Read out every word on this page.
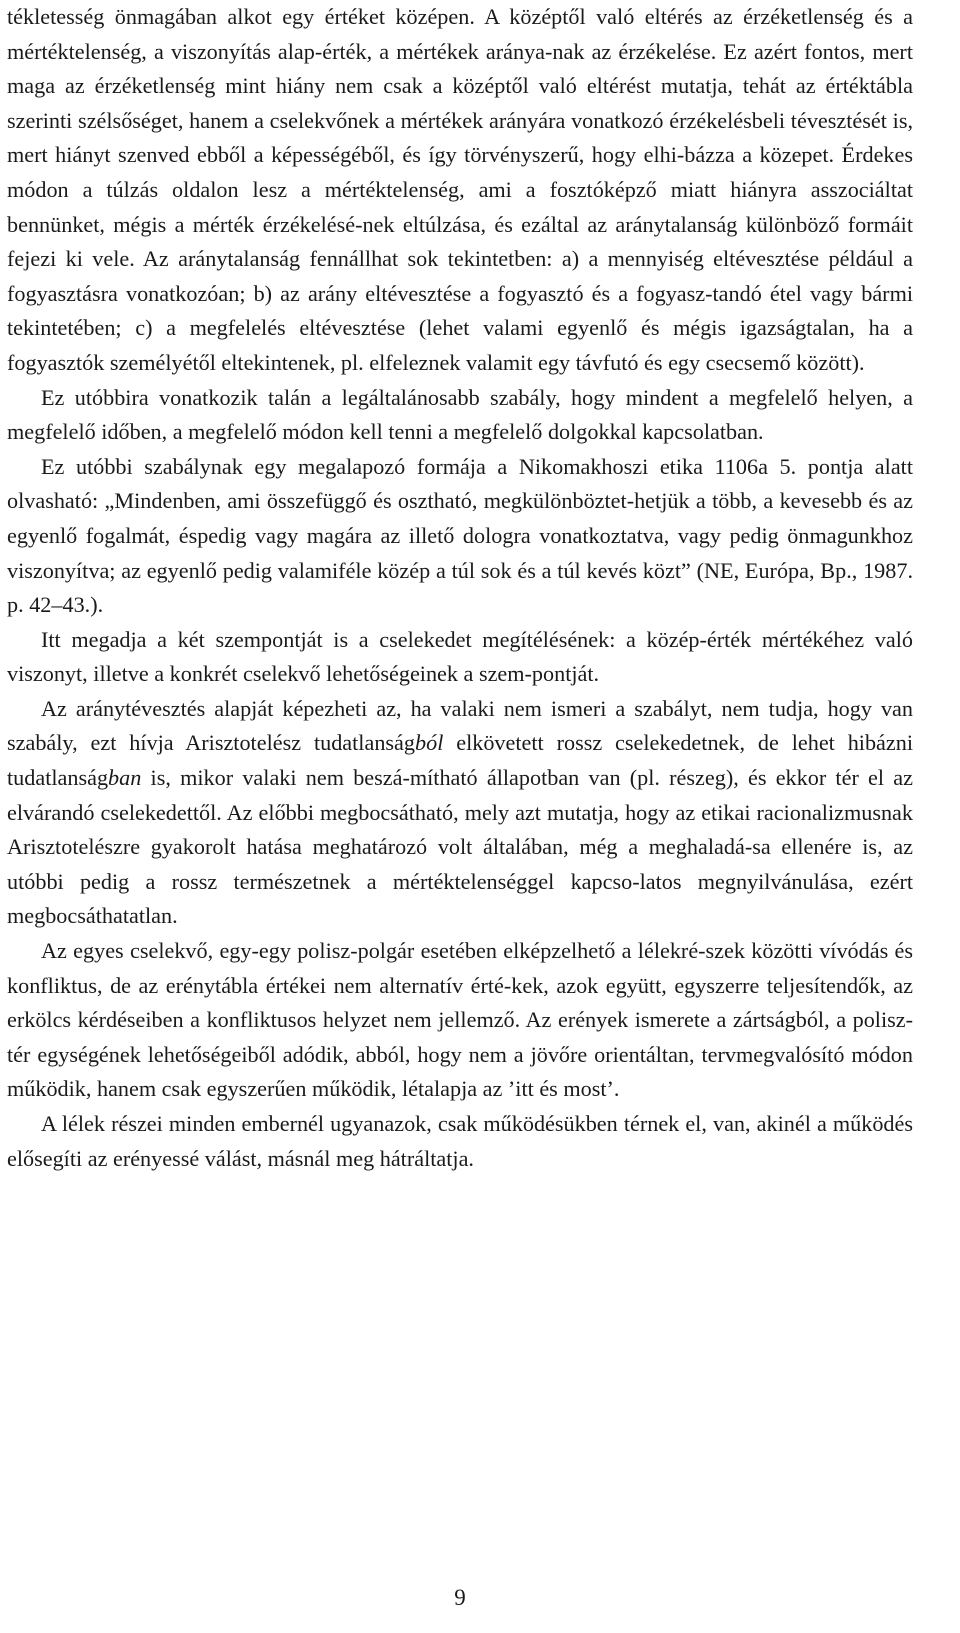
tékletesség önmagában alkot egy értéket középen. A középtől való eltérés az érzéketlenség és a mértéktelenség, a viszonyítás alap-érték, a mértékek aránya-nak az érzékelése. Ez azért fontos, mert maga az érzéketlenség mint hiány nem csak a középtől való eltérést mutatja, tehát az értéktábla szerinti szélsőséget, hanem a cselekvőnek a mértékek arányára vonatkozó érzékelésbeli tévesztését is, mert hiányt szenved ebből a képességéből, és így törvényszerű, hogy elhi-bázza a közepet. Érdekes módon a túlzás oldalon lesz a mértéktelenség, ami a fosztóképző miatt hiányra asszociáltat bennünket, mégis a mérték érzékelésé-nek eltúlzása, és ezáltal az aránytalanság különböző formáit fejezi ki vele. Az aránytalanság fennállhat sok tekintetben: a) a mennyiség eltévesztése például a fogyasztásra vonatkozóan; b) az arány eltévesztése a fogyasztó és a fogyasz-tandó étel vagy bármi tekintetében; c) a megfelelés eltévesztése (lehet valami egyenlő és mégis igazságtalan, ha a fogyasztók személyétől eltekintenek, pl. elfeleznek valamit egy távfutó és egy csecsemő között).

Ez utóbbira vonatkozik talán a legáltalánosabb szabály, hogy mindent a megfelelő helyen, a megfelelő időben, a megfelelő módon kell tenni a megfelelő dolgokkal kapcsolatban.

Ez utóbbi szabálynak egy megalapozó formája a Nikomakhoszi etika 1106a 5. pontja alatt olvasható: „Mindenben, ami összefüggő és osztható, megkülönböztet-hetjük a több, a kevesebb és az egyenlő fogalmát, éspedig vagy magára az illető dologra vonatkoztatva, vagy pedig önmagunkhoz viszonyítva; az egyenlő pedig valamiféle közép a túl sok és a túl kevés közt” (NE, Európa, Bp., 1987. p. 42–43.).

Itt megadja a két szempontját is a cselekedet megítélésének: a közép-érték mértékéhez való viszonyt, illetve a konkrét cselekvő lehetőségeinek a szem-pontját.

Az aránytévesztés alapját képezheti az, ha valaki nem ismeri a szabályt, nem tudja, hogy van szabály, ezt hívja Arisztotelész tudatlanságból elkövetett rossz cselekedetnek, de lehet hibázni tudatlanságban is, mikor valaki nem beszá-mítható állapotban van (pl. részeg), és ekkor tér el az elvárandó cselekedettől. Az előbbi megbocsátható, mely azt mutatja, hogy az etikai racionalizmusnak Arisztotelészre gyakorolt hatása meghatározó volt általában, még a meghaladá-sa ellenére is, az utóbbi pedig a rossz természetnek a mértéktelenséggel kapcso-latos megnyilvánulása, ezért megbocsáthatatlan.

Az egyes cselekvő, egy-egy polisz-polgár esetében elképzelhető a lélekré-szek közötti vívódás és konfliktus, de az erénytábla értékei nem alternatív érté-kek, azok együtt, egyszerre teljesítendők, az erkölcs kérdéseiben a konfliktusos helyzet nem jellemző. Az erények ismerete a zártságból, a polisz-tér egységének lehetőségeiből adódik, abból, hogy nem a jövőre orientáltan, tervmegvalósító módon működik, hanem csak egyszerűen működik, létalapja az ’itt és most’.

A lélek részei minden embernél ugyanazok, csak működésükben térnek el, van, akinél a működés elősegíti az erényessé válást, másnál meg hátráltatja.

9
